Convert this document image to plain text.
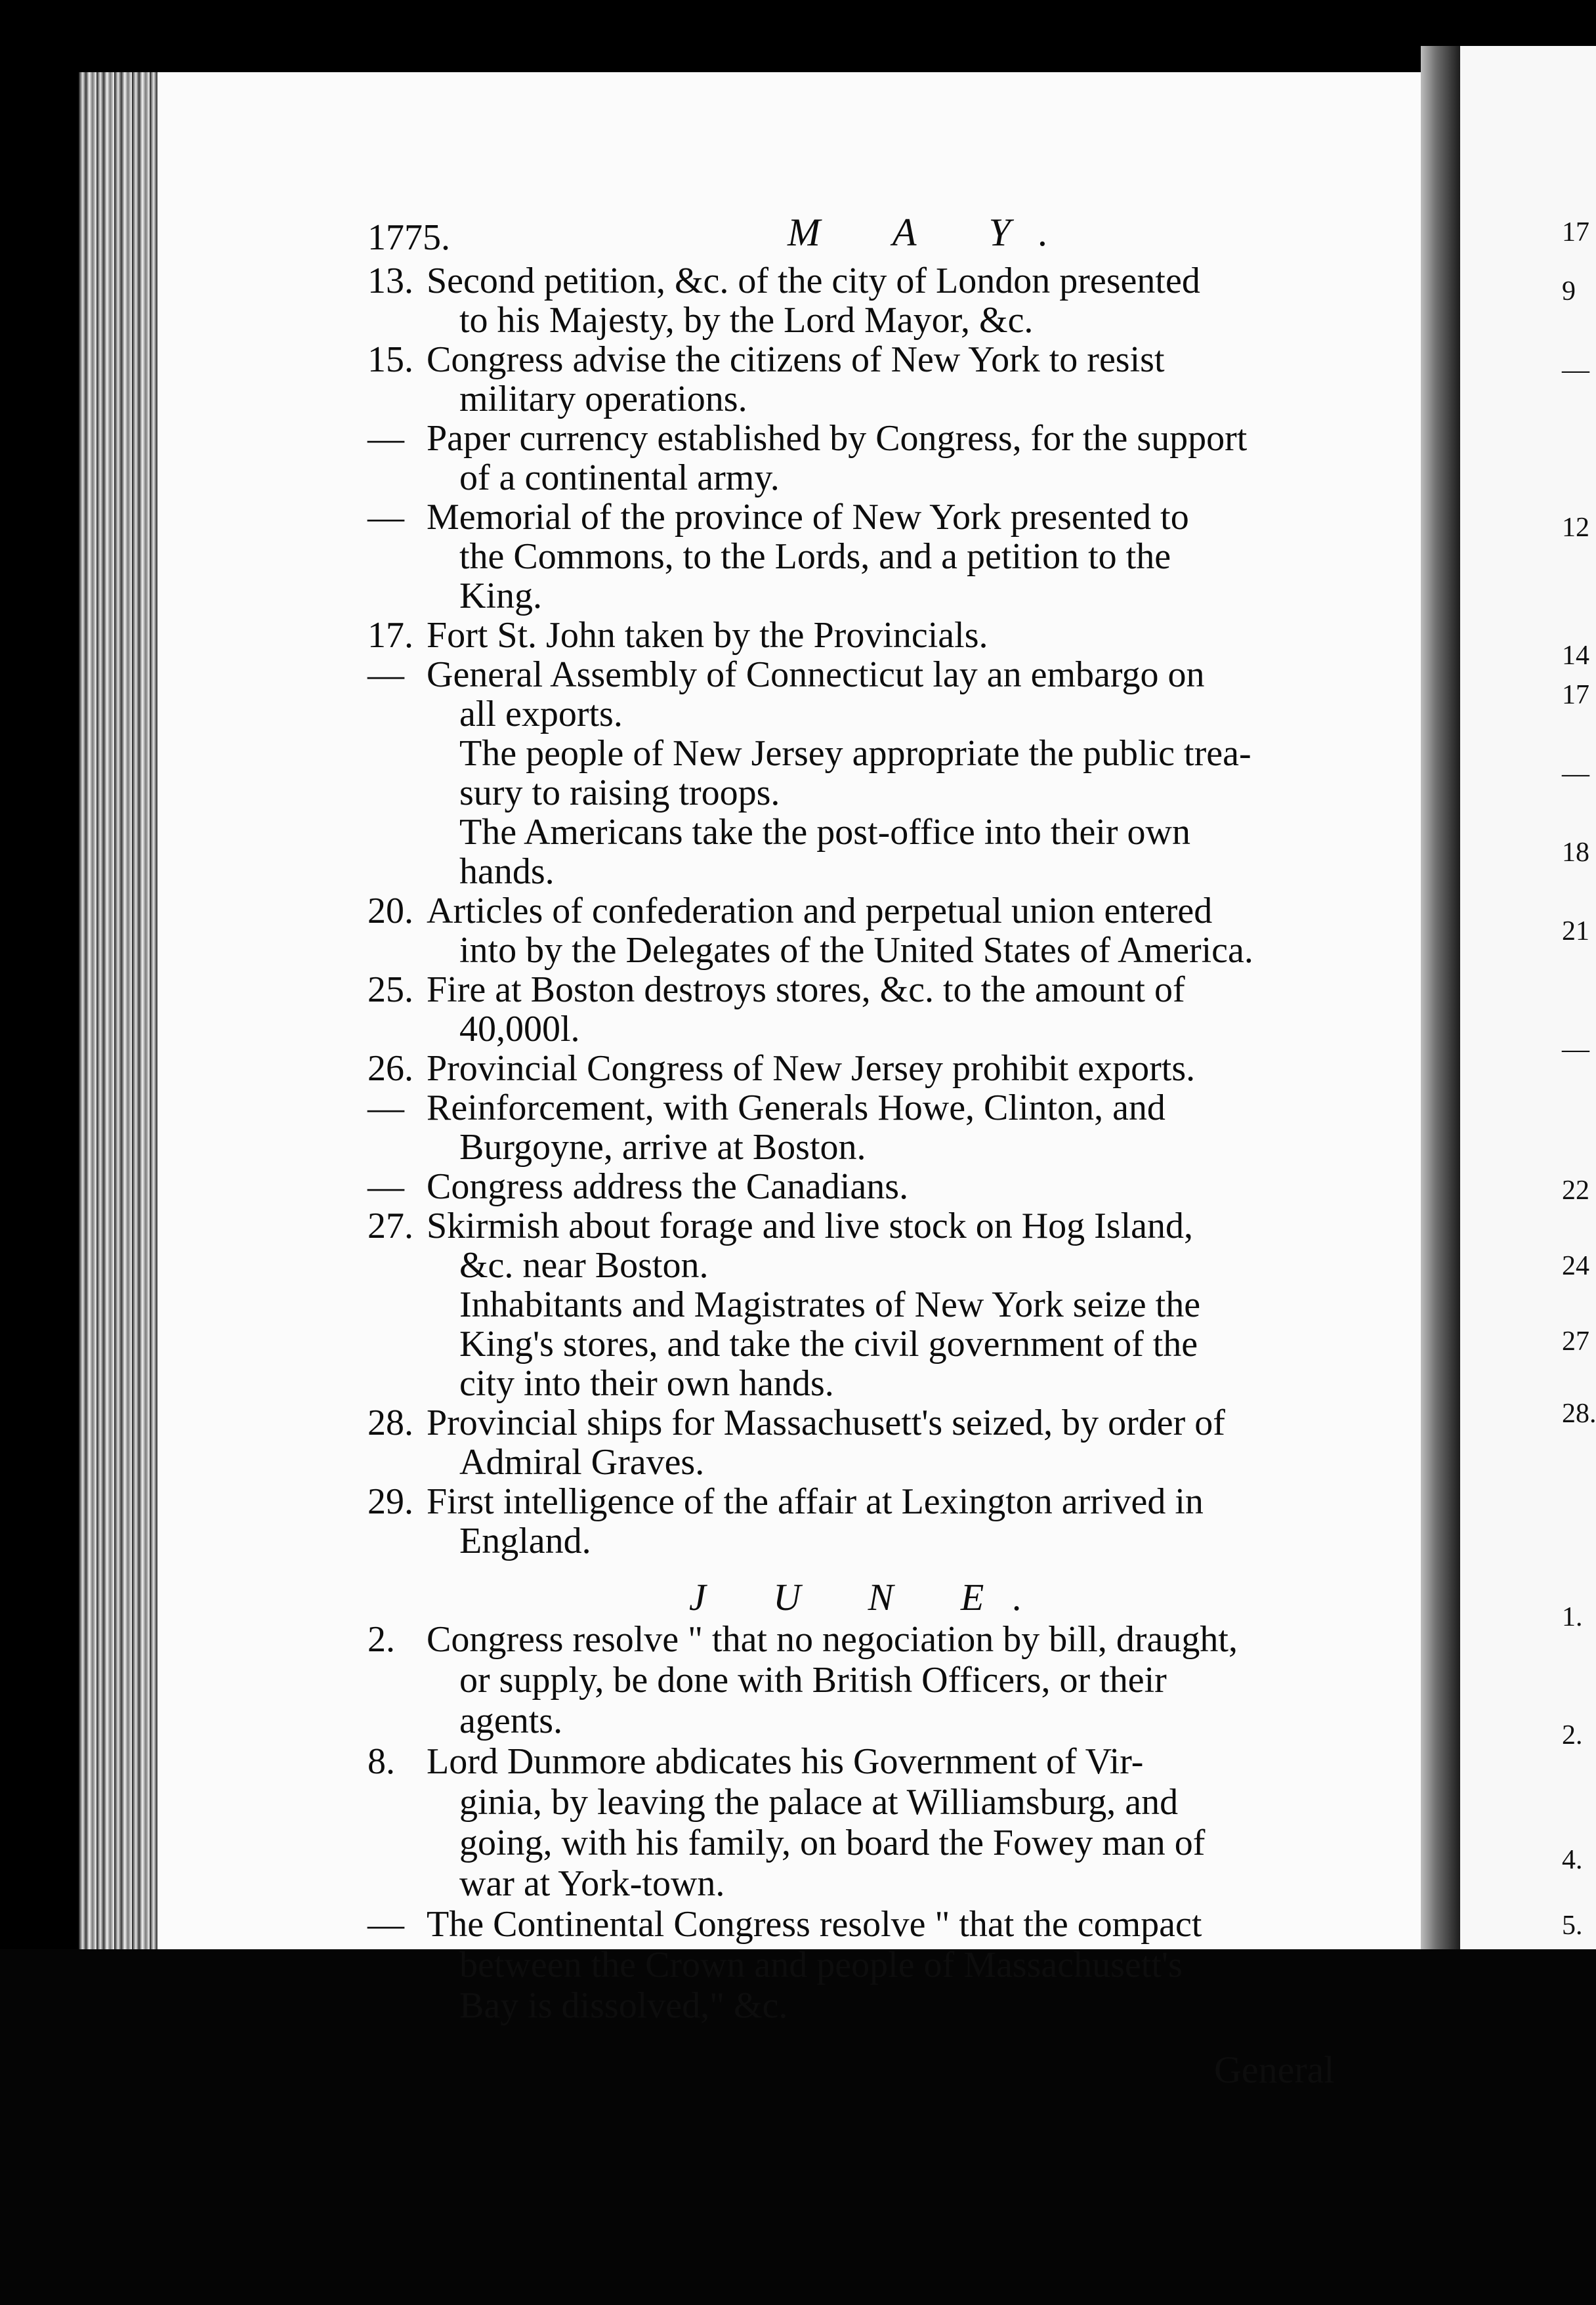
1775.	M A Y.
13. Second petition, &c. of the city of London presented
to his Majesty, by the Lord Mayor, &c.
15. Congress advise the citizens of New York to resist
military operations.
— Paper currency established by Congress, for the support
of a continental army.
— Memorial of the province of New York presented to
the Commons, to the Lords, and a petition to the
King.
17. Fort St. John taken by the Provincials.
— General Assembly of Connecticut lay an embargo on
all exports.
The people of New Jersey appropriate the public trea-
sury to raising troops.
The Americans take the post-office into their own
hands.
20. Articles of confederation and perpetual union entered
into by the Delegates of the United States of America.
25. Fire at Boston destroys stores, &c. to the amount of
40,000l.
26. Provincial Congress of New Jersey prohibit exports.
— Reinforcement, with Generals Howe, Clinton, and
Burgoyne, arrive at Boston.
— Congress address the Canadians.
27. Skirmish about forage and live stock on Hog Island,
&c. near Boston.
Inhabitants and Magistrates of New York seize the
King's stores, and take the civil government of the
city into their own hands.
28. Provincial ships for Massachusett's seized, by order of
Admiral Graves.
29. First intelligence of the affair at Lexington arrived in
England.
J U N E.
2. Congress resolve " that no negociation by bill, draught,
or supply, be done with British Officers, or their
agents.
8. Lord Dunmore abdicates his Government of Vir-
ginia, by leaving the palace at Williamsburg, and
going, with his family, on board the Fowey man of
war at York-town.
— The Continental Congress resolve " that the compact
between the Crown and people of Massachusett's
Bay is dissolved," &c.
General
17
9
—
12
14
17
—
18
21
—
22
24
27
28.
1.
2.
4.
5.
